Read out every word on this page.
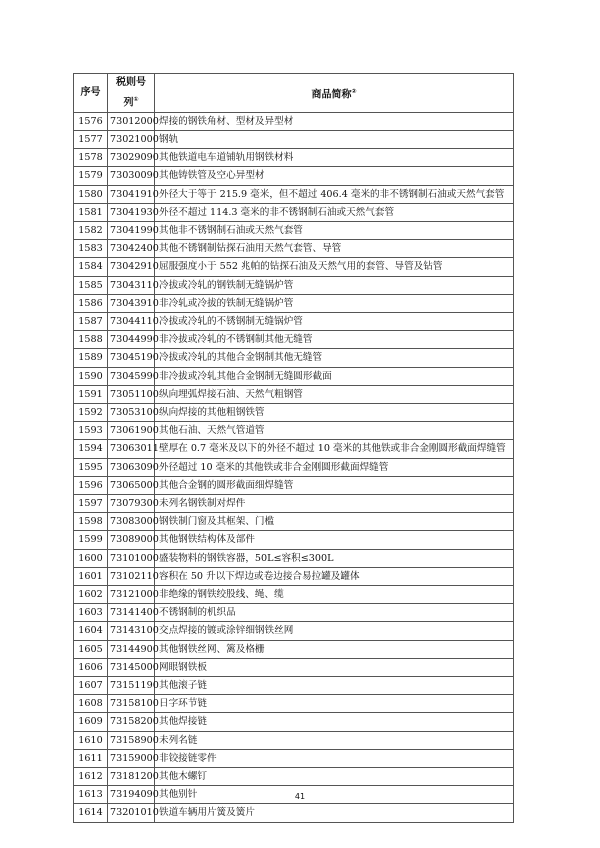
序号	税则号列①	商品简称②
1576	73012000	焊接的钢铁角材、型材及异型材
1577	73021000	钢轨
1578	73029090	其他铁道电车道铺轨用钢铁材料
1579	73030090	其他铸铁管及空心异型材
1580	73041910	外径大于等于 215.9 毫米，但不超过 406.4 毫米的非不锈钢制石油或天然气套管
1581	73041930	外径不超过 114.3 毫米的非不锈钢制石油或天然气套管
1582	73041990	其他非不锈钢制石油或天然气套管
1583	73042400	其他不锈钢制钻探石油用天然气套管、导管
1584	73042910	屈服强度小于 552 兆帕的钻探石油及天然气用的套管、导管及钻管
1585	73043110	冷拔或冷轧的钢铁制无缝锅炉管
1586	73043910	非冷轧或冷拔的铁制无缝锅炉管
1587	73044110	冷拔或冷轧的不锈钢制无缝锅炉管
1588	73044990	非冷拔或冷轧的不锈钢制其他无缝管
1589	73045190	冷拔或冷轧的其他合金钢制其他无缝管
1590	73045990	非冷拔或冷轧其他合金钢制无缝圆形截面
1591	73051100	纵向埋弧焊接石油、天然气粗钢管
1592	73053100	纵向焊接的其他粗钢铁管
1593	73061900	其他石油、天然气管道管
1594	73063011	壁厚在 0.7 毫米及以下的外径不超过 10 毫米的其他铁或非合金刚圆形截面焊缝管
1595	73063090	外径超过 10 毫米的其他铁或非合金刚圆形截面焊缝管
1596	73065000	其他合金钢的圆形截面细焊缝管
1597	73079300	未列名钢铁制对焊件
1598	73083000	钢铁制门窗及其框架、门槛
1599	73089000	其他钢铁结构体及部件
1600	73101000	盛装物料的钢铁容器，50L≤容积≤300L
1601	73102110	容积在 50 升以下焊边或卷边接合易拉罐及罐体
1602	73121000	非绝缘的钢铁绞股线、绳、缆
1603	73141400	不锈钢制的机织品
1604	73143100	交点焊接的镀或涂锌细钢铁丝网
1605	73144900	其他钢铁丝网、篱及格栅
1606	73145000	网眼钢铁板
1607	73151190	其他滚子链
1608	73158100	日字环节链
1609	73158200	其他焊接链
1610	73158900	未列名链
1611	73159000	非铰接链零件
1612	73181200	其他木螺钉
1613	73194090	其他别针
1614	73201010	铁道车辆用片簧及簧片
41
